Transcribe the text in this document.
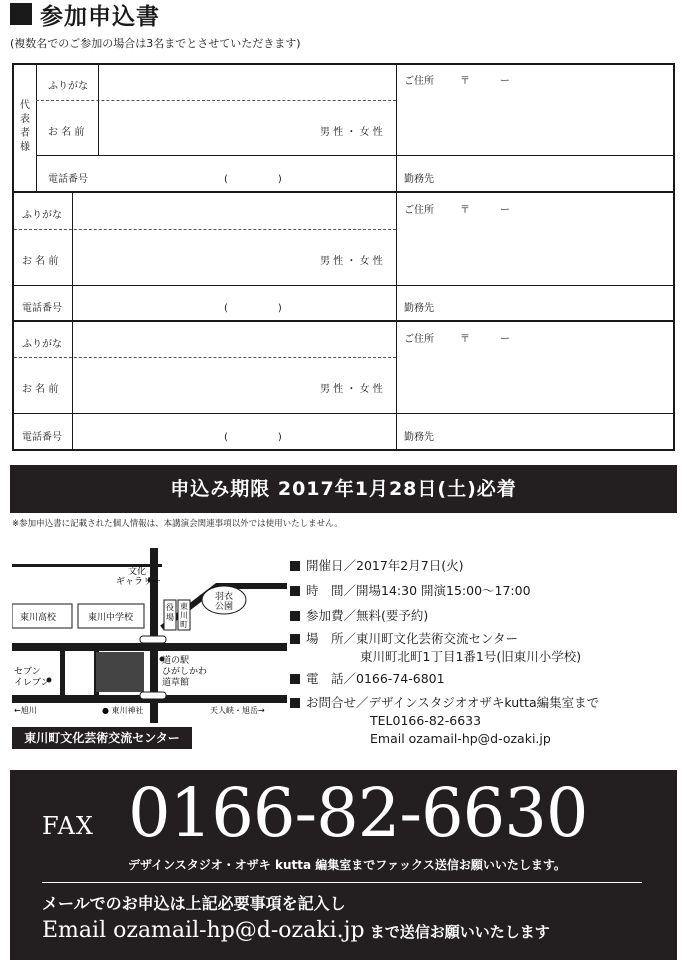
参加申込書
(複数名でのご参加の場合は3名までとさせていただきます)
代
表
者
様
ふりがな
お 名 前	男 性 ・ 女 性
電話番号	(　　　　　)
ご住所	〒　　　ー
勤務先
ふりがな
お 名 前	男 性 ・ 女 性
電話番号	(　　　　　)
ご住所	〒　　　ー
勤務先
ふりがな
お 名 前	男 性 ・ 女 性
電話番号	(　　　　　)
ご住所	〒　　　ー
勤務先
申込み期限 2017年1月28日(土)必着
※参加申込書に記載された個人情報は、本講演会関連事項以外では使用いたしません。
文化
ギャラリー
役
場
東
川
町
羽衣
公園
東川高校	東川中学校
道の駅
ひがしかわ
道草館
セブン
イレブン
←旭川	● 東川神社	天人峡・旭岳→
東川町文化芸術交流センター
開催日／2017年2月7日(火)
時　間／開場14:30 開演15:00〜17:00
参加費／無料(要予約)
場　所／東川町文化芸術交流センター
東川町北町1丁目1番1号(旧東川小学校)
電　話／0166-74-6801
お問合せ／デザインスタジオオザキkutta編集室まで
TEL0166-82-6633
Email ozamail-hp@d-ozaki.jp
FAX 0166-82-6630
デザインスタジオ・オザキ kutta 編集室までファックス送信お願いいたします。
メールでのお申込は上記必要事項を記入し
Email ozamail-hp@d-ozaki.jp まで送信お願いいたします
